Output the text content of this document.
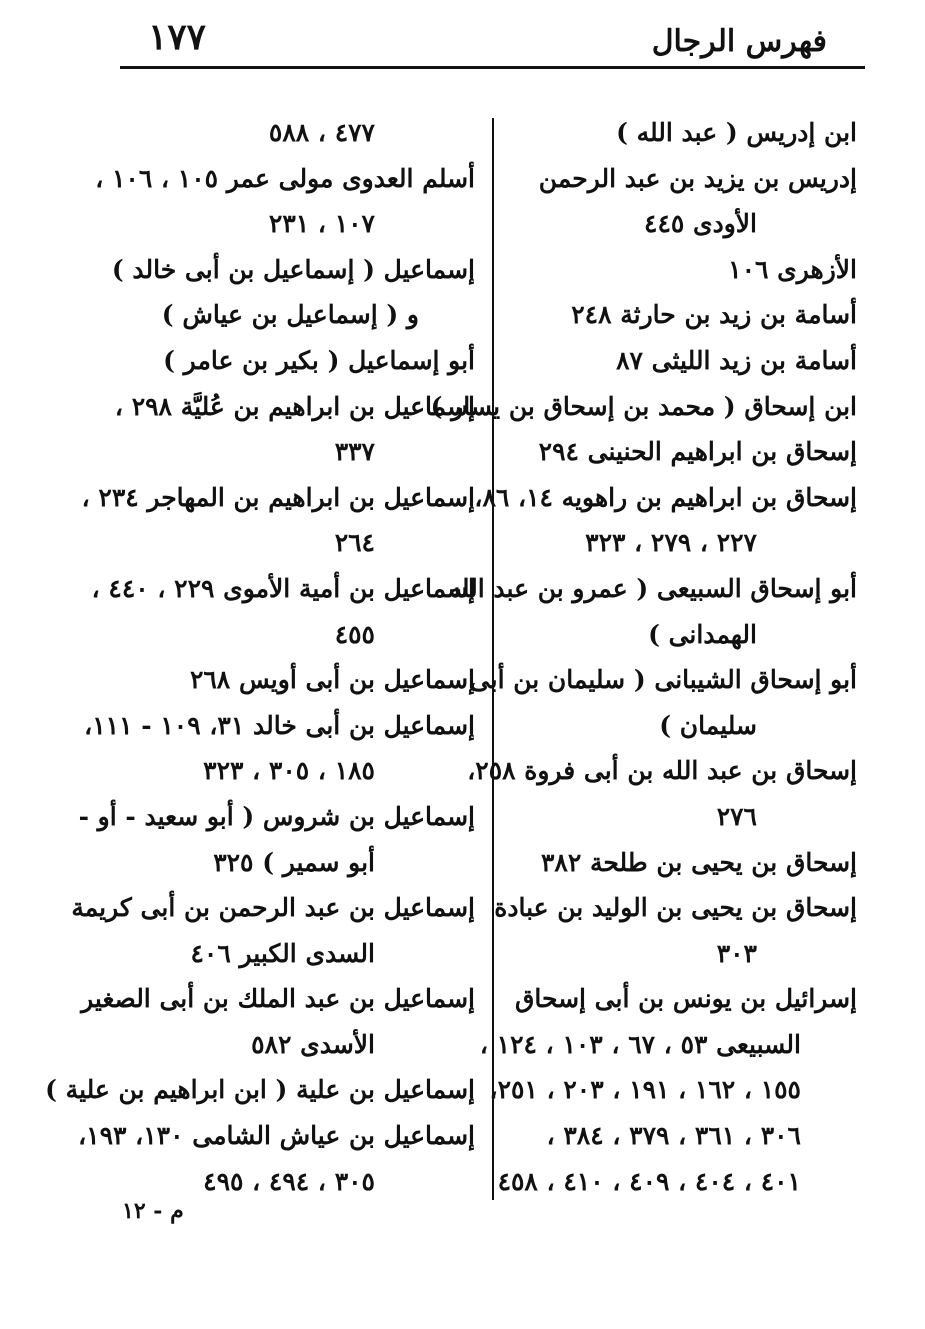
فهرس الرجال
١٧٧
ابن إدريس ( عبد الله )
إدريس بن يزيد بن عبد الرحمن
الأودى ٤٤٥
الأزهرى ١٠٦
أسامة بن زيد بن حارثة ٢٤٨
أسامة بن زيد الليثى ٨٧
ابن إسحاق ( محمد بن إسحاق بن يسار )
إسحاق بن ابراهيم الحنينى ٢٩٤
إسحاق بن ابراهيم بن راهويه ١٤، ٨٦،
٢٢٧ ، ٢٧٩ ، ٣٢٣
أبو إسحاق السبيعى ( عمرو بن عبد الله
الهمدانى )
أبو إسحاق الشيبانى ( سليمان بن أبى
سليمان )
إسحاق بن عبد الله بن أبى فروة ٢٥٨،
٢٧٦
إسحاق بن يحيى بن طلحة ٣٨٢
إسحاق بن يحيى بن الوليد بن عبادة
٣٠٣
إسرائيل بن يونس بن أبى إسحاق
السبيعى ٥٣ ، ٦٧ ، ١٠٣ ، ١٢٤ ،
١٥٥ ، ١٦٢ ، ١٩١ ، ٢٠٣ ، ٢٥١،
٣٠٦ ، ٣٦١ ، ٣٧٩ ، ٣٨٤ ،
٤٠١ ، ٤٠٤ ، ٤٠٩ ، ٤١٠ ، ٤٥٨
٤٧٧ ، ٥٨٨
أسلم العدوى مولى عمر ١٠٥ ، ١٠٦ ،
١٠٧ ، ٢٣١
إسماعيل ( إسماعيل بن أبى خالد )
و ( إسماعيل بن عياش )
أبو إسماعيل ( بكير بن عامر )
إسماعيل بن ابراهيم بن عُليَّة ٢٩٨ ،
٣٣٧
إسماعيل بن ابراهيم بن المهاجر ٢٣٤ ،
٢٦٤
إسماعيل بن أمية الأموى ٢٢٩ ، ٤٤٠ ،
٤٥٥
إسماعيل بن أبى أويس ٢٦٨
إسماعيل بن أبى خالد ٣١، ١٠٩ - ١١١،
١٨٥ ، ٣٠٥ ، ٣٢٣
إسماعيل بن شروس ( أبو سعيد - أو -
أبو سمير ) ٣٢٥
إسماعيل بن عبد الرحمن بن أبى كريمة
السدى الكبير ٤٠٦
إسماعيل بن عبد الملك بن أبى الصغير
الأسدى ٥٨٢
إسماعيل بن علية ( ابن ابراهيم بن علية )
إسماعيل بن عياش الشامى ١٣٠، ١٩٣،
٣٠٥ ، ٤٩٤ ، ٤٩٥
م - ١٢
